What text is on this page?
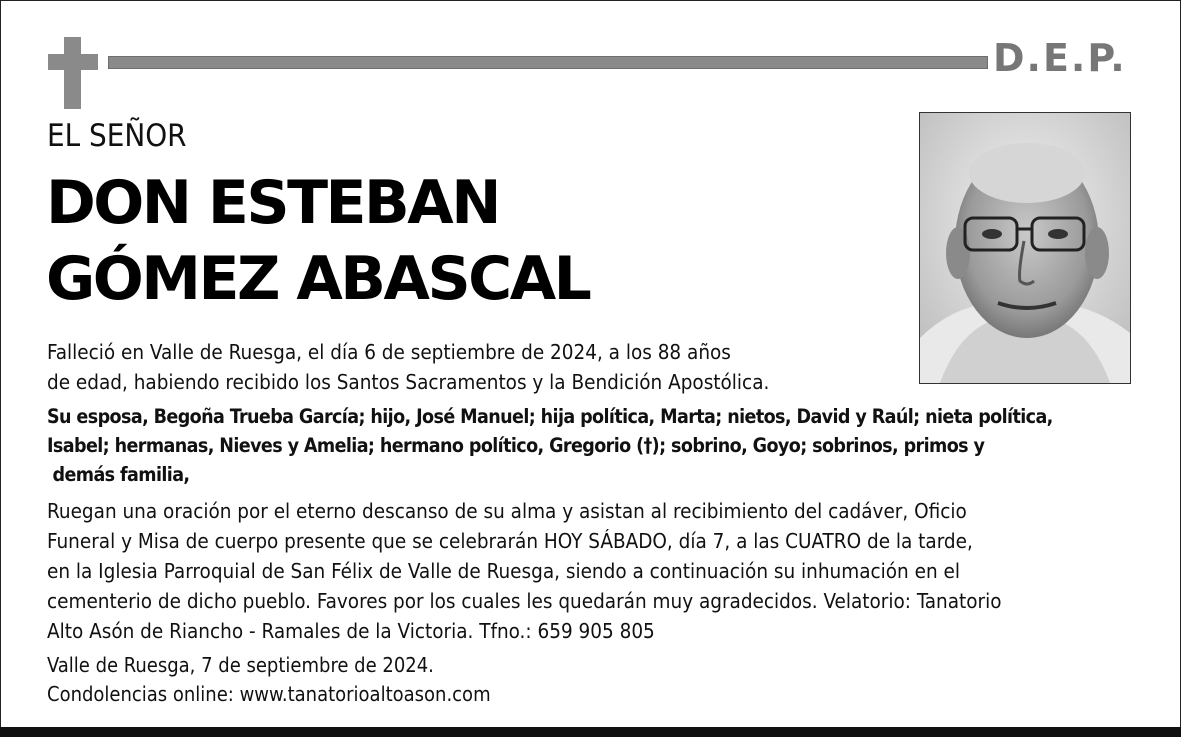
D.E.P.
EL SEÑOR
DON ESTEBAN
GÓMEZ ABASCAL
Falleció en Valle de Ruesga, el día 6 de septiembre de 2024, a los 88 años
de edad, habiendo recibido los Santos Sacramentos y la Bendición Apostólica.
Su esposa, Begoña Trueba García; hijo, José Manuel; hija política, Marta; nietos, David y Raúl; nieta política,
Isabel; hermanas, Nieves y Amelia; hermano político, Gregorio (†); sobrino, Goyo; sobrinos, primos y
demás familia,
Ruegan una oración por el eterno descanso de su alma y asistan al recibimiento del cadáver, Oficio
Funeral y Misa de cuerpo presente que se celebrarán HOY SÁBADO, día 7, a las CUATRO de la tarde,
en la Iglesia Parroquial de San Félix de Valle de Ruesga, siendo a continuación su inhumación en el
cementerio de dicho pueblo. Favores por los cuales les quedarán muy agradecidos. Velatorio: Tanatorio
Alto Asón de Riancho - Ramales de la Victoria. Tfno.: 659 905 805
Valle de Ruesga, 7 de septiembre de 2024.
Condolencias online: www.tanatorioaltoason.com
